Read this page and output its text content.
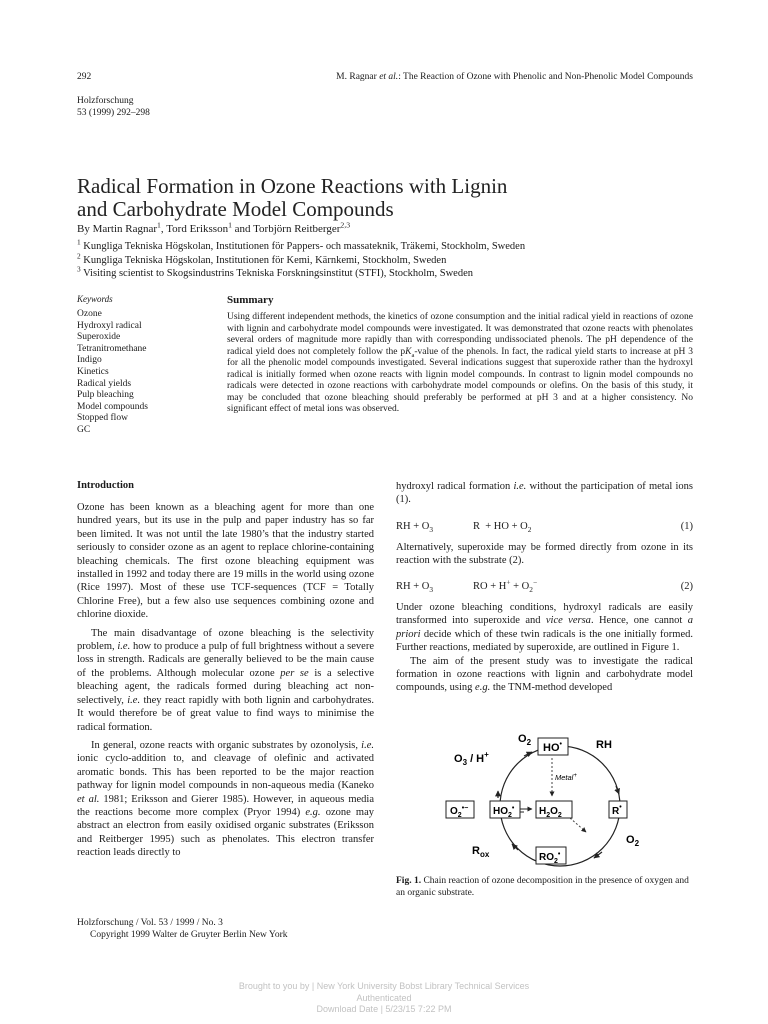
292	M. Ragnar et al.: The Reaction of Ozone with Phenolic and Non-Phenolic Model Compounds
Holzforschung
53 (1999) 292–298
Radical Formation in Ozone Reactions with Lignin
and Carbohydrate Model Compounds
By Martin Ragnar$^1$, Tord Eriksson$^1$ and Torbjörn Reitberger$^{2,3}$
$^1$ Kungliga Tekniska Högskolan, Institutionen för Pappers- och massateknik, Träkemi, Stockholm, Sweden
$^2$ Kungliga Tekniska Högskolan, Institutionen för Kemi, Kärnkemi, Stockholm, Sweden
$^3$ Visiting scientist to Skogsindustrins Tekniska Forskningsinstitut (STFI), Stockholm, Sweden
Keywords
Ozone
Hydroxyl radical
Superoxide
Tetranitromethane
Indigo
Kinetics
Radical yields
Pulp bleaching
Model compounds
Stopped flow
GC
Summary
Using different independent methods, the kinetics of ozone consumption and the initial radical yield in reactions of ozone with lignin and carbohydrate model compounds were investigated. It was demonstrated that ozone reacts with phenolates several orders of magnitude more rapidly than with corresponding undissociated phenols. The pH dependence of the radical yield does not completely follow the $pK_a$-value of the phenols. In fact, the radical yield starts to increase at pH 3 for all the phenolic model compounds investigated. Several indications suggest that superoxide rather than the hydroxyl radical is initially formed when ozone reacts with lignin model compounds. In contrast to lignin model compounds no radicals were detected in ozone reactions with carbohydrate model compounds or olefins. On the basis of this study, it may be concluded that ozone bleaching should preferably be performed at pH 3 and at a higher consistency. No significant effect of metal ions was observed.
Introduction

Ozone has been known as a bleaching agent for more than one hundred years, but its use in the pulp and paper industry has so far been limited. It was not until the late 1980’s that the industry started seriously to consider ozone as an agent to replace chlorine-containing bleaching chemicals. The first ozone bleaching equipment was installed in 1992 and today there are 19 mills in the world using ozone (Rice 1997). Most of these use TCF-sequences (TCF = Totally Chlorine Free), but a few also use sequences combining ozone and chlorine dioxide.

The main disadvantage of ozone bleaching is the selectivity problem, i.e. how to produce a pulp of full brightness without a severe loss in strength. Radicals are generally believed to be the main cause of the problems. Although molecular ozone per se is a selective bleaching agent, the radicals formed during bleaching act non-selectively, i.e. they react rapidly with both lignin and carbohydrates. It would therefore be of great value to find ways to minimise the radical formation.

In general, ozone reacts with organic substrates by ozonolysis, i.e. ionic cyclo-addition to, and cleavage of olefinic and activated aromatic bonds. This has been reported to be the major reaction pathway for lignin model compounds in non-aqueous media (Kaneko et al. 1981; Eriksson and Gierer 1985). However, in aqueous media the reactions become more complex (Pryor 1994) e.g. ozone may abstract an electron from easily oxidised organic substrates (Eriksson and Reitberger 1995) such as phenolates. This electron transfer reaction leads directly to

hydroxyl radical formation i.e. without the participation of metal ions (1).

RH + $O_3$	R  + HO + $O_2$	(1)
Alternatively, superoxide may be formed directly from ozone in its reaction with the substrate (2).
RH + $O_3$	RO + $H^+ + O_2^-$	(2)

Under ozone bleaching conditions, hydroxyl radicals are easily transformed into superoxide and vice versa. Hence, one cannot a priori decide which of these twin radicals is the one initially formed. Further reactions, mediated by superoxide, are outlined in Figure 1.

The aim of the present study was to investigate the radical formation in ozone reactions with lignin and carbohydrate model compounds, using e.g. the TNM-method developed

$O_2$ HO•	RH
$O_3 / H^+$
Metal+
$O_2^{•-}$ $HO_2^•$ $H_2O_2$	R•
$R_{ox}$	$RO_2^•$
$O_2$
Fig. 1. Chain reaction of ozone decomposition in the presence of oxygen and an organic substrate.
Holzforschung / Vol. 53 / 1999 / No. 3
Copyright 1999 Walter de Gruyter Berlin New York
Brought to you by | New York University Bobst Library Technical Services
Authenticated
Download Date | 5/23/15 7:22 PM
